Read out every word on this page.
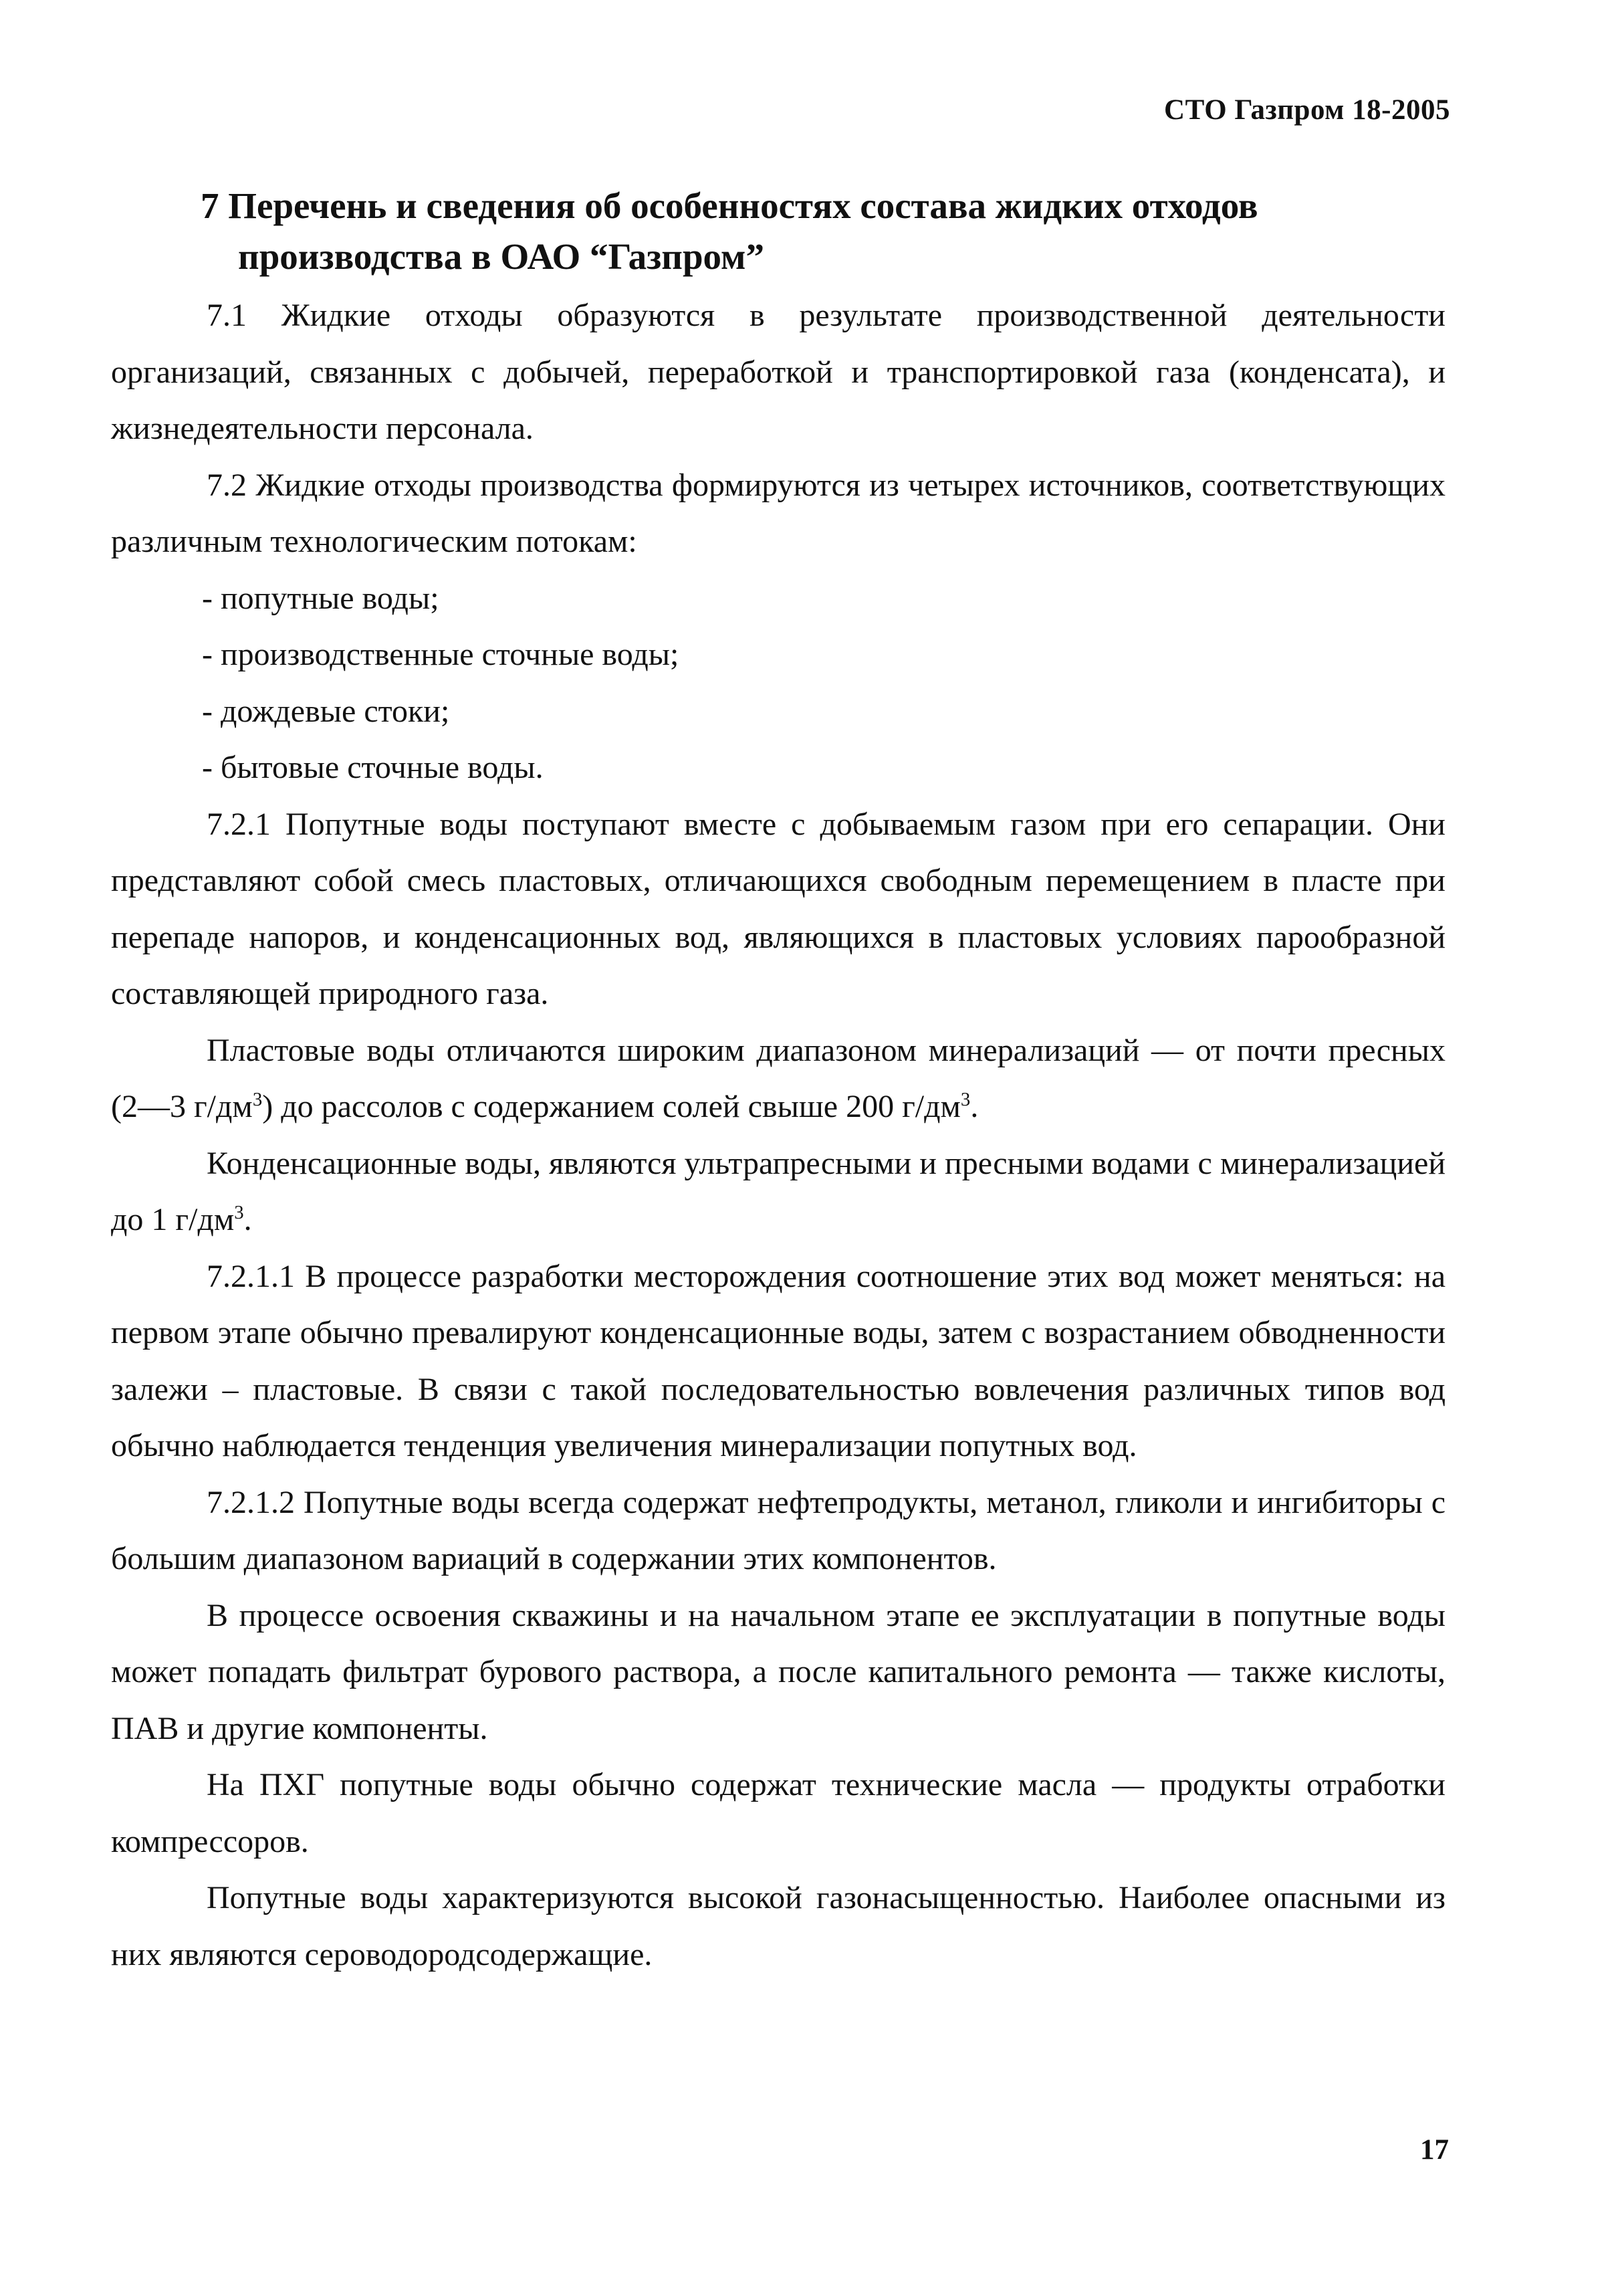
СТО Газпром 18-2005
7 Перечень и сведения об особенностях состава жидких отходов
производства в ОАО “Газпром”

7.1 Жидкие отходы образуются в результате производственной деятельности организаций, связанных с добычей, переработкой и транспортировкой газа (конденсата), и жизнедеятельности персонала.

7.2 Жидкие отходы производства формируются из четырех источников, соответствующих различным технологическим потокам:

- попутные воды;

- производственные сточные воды;

- дождевые стоки;

- бытовые сточные воды.

7.2.1 Попутные воды поступают вместе с добываемым газом при его сепарации. Они представляют собой смесь пластовых, отличающихся свободным перемещением в пласте при перепаде напоров, и конденсационных вод, являющихся в пластовых условиях парообразной составляющей природного газа.

Пластовые воды отличаются широким диапазоном минерализаций — от почти пресных (2—3 $г/дм^3$) до рассолов с содержанием солей свыше 200 $г/дм^3$.

Конденсационные воды, являются ультрапресными и пресными водами с минерализацией до 1 $г/дм^3$.

7.2.1.1 В процессе разработки месторождения соотношение этих вод может меняться: на первом этапе обычно превалируют конденсационные воды, затем с возрастанием обводненности залежи – пластовые. В связи с такой последовательностью вовлечения различных типов вод обычно наблюдается тенденция увеличения минерализации попутных вод.

7.2.1.2 Попутные воды всегда содержат нефтепродукты, метанол, гликоли и ингибиторы с большим диапазоном вариаций в содержании этих компонентов.

В процессе освоения скважины и на начальном этапе ее эксплуатации в попутные воды может попадать фильтрат бурового раствора, а после капитального ремонта — также кислоты, ПАВ и другие компоненты.

На ПХГ попутные воды обычно содержат технические масла — продукты отработки компрессоров.

Попутные воды характеризуются высокой газонасыщенностью. Наиболее опасными из них являются сероводородсодержащие.

17
